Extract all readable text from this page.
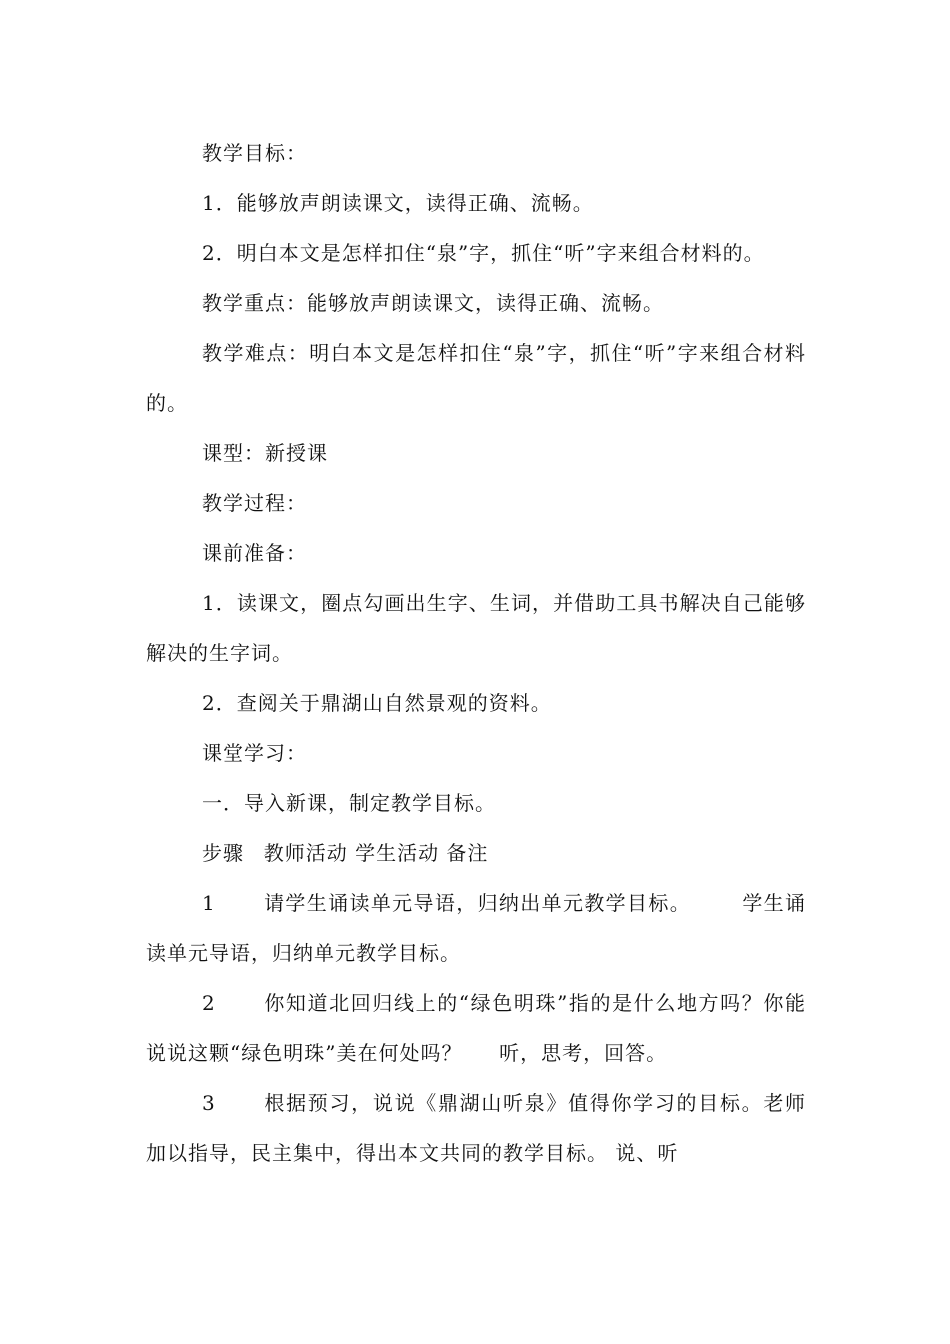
教学目标：

1．能够放声朗读课文，读得正确、流畅。

2．明白本文是怎样扣住“泉”字，抓住“听”字来组合材料的。

教学重点：能够放声朗读课文，读得正确、流畅。

教学难点：明白本文是怎样扣住“泉”字，抓住“听”字来组合材料的。

课型：新授课

教学过程：

课前准备：

1．读课文，圈点勾画出生字、生词，并借助工具书解决自己能够解决的生字词。

2．查阅关于鼎湖山自然景观的资料。

课堂学习：

一．导入新课，制定教学目标。

步骤	教师活动 学生活动 备注

1	请学生诵读单元导语，归纳出单元教学目标。	学生诵读单元导语，归纳单元教学目标。

2	你知道北回归线上的“绿色明珠”指的是什么地方吗？你能说说这颗“绿色明珠”美在何处吗？	听，思考，回答。

3	根据预习，说说《鼎湖山听泉》值得你学习的目标。老师加以指导，民主集中，得出本文共同的教学目标。 说、听
